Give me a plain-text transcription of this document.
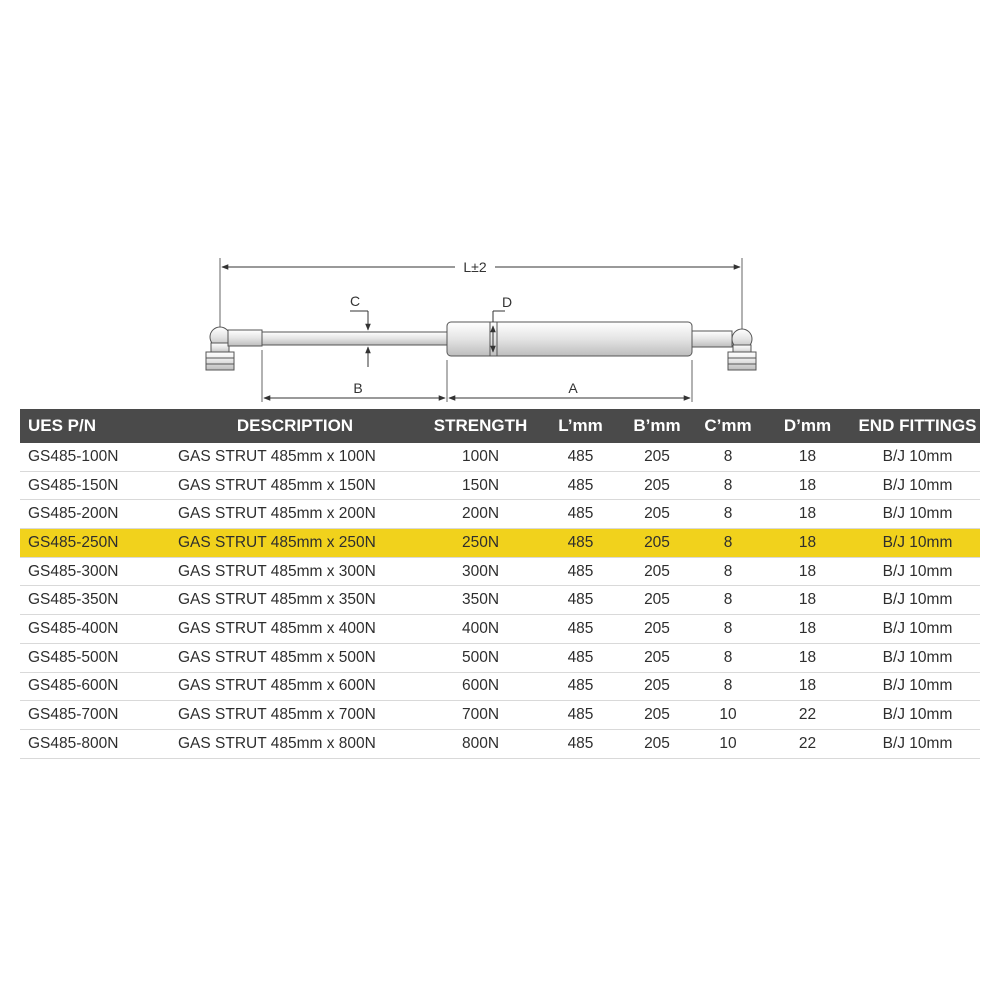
L±2
C	D
B	A
UES P/N	DESCRIPTION	STRENGTH	L’mm	B’mm	C’mm	D’mm	END FITTINGS
GS485-100N	GAS STRUT 485mm x 100N	100N	485	205	8	18	B/J 10mm
GS485-150N	GAS STRUT 485mm x 150N	150N	485	205	8	18	B/J 10mm
GS485-200N	GAS STRUT 485mm x 200N	200N	485	205	8	18	B/J 10mm
GS485-250N	GAS STRUT 485mm x 250N	250N	485	205	8	18	B/J 10mm
GS485-300N	GAS STRUT 485mm x 300N	300N	485	205	8	18	B/J 10mm
GS485-350N	GAS STRUT 485mm x 350N	350N	485	205	8	18	B/J 10mm
GS485-400N	GAS STRUT 485mm x 400N	400N	485	205	8	18	B/J 10mm
GS485-500N	GAS STRUT 485mm x 500N	500N	485	205	8	18	B/J 10mm
GS485-600N	GAS STRUT 485mm x 600N	600N	485	205	8	18	B/J 10mm
GS485-700N	GAS STRUT 485mm x 700N	700N	485	205	10	22	B/J 10mm
GS485-800N	GAS STRUT 485mm x 800N	800N	485	205	10	22	B/J 10mm
